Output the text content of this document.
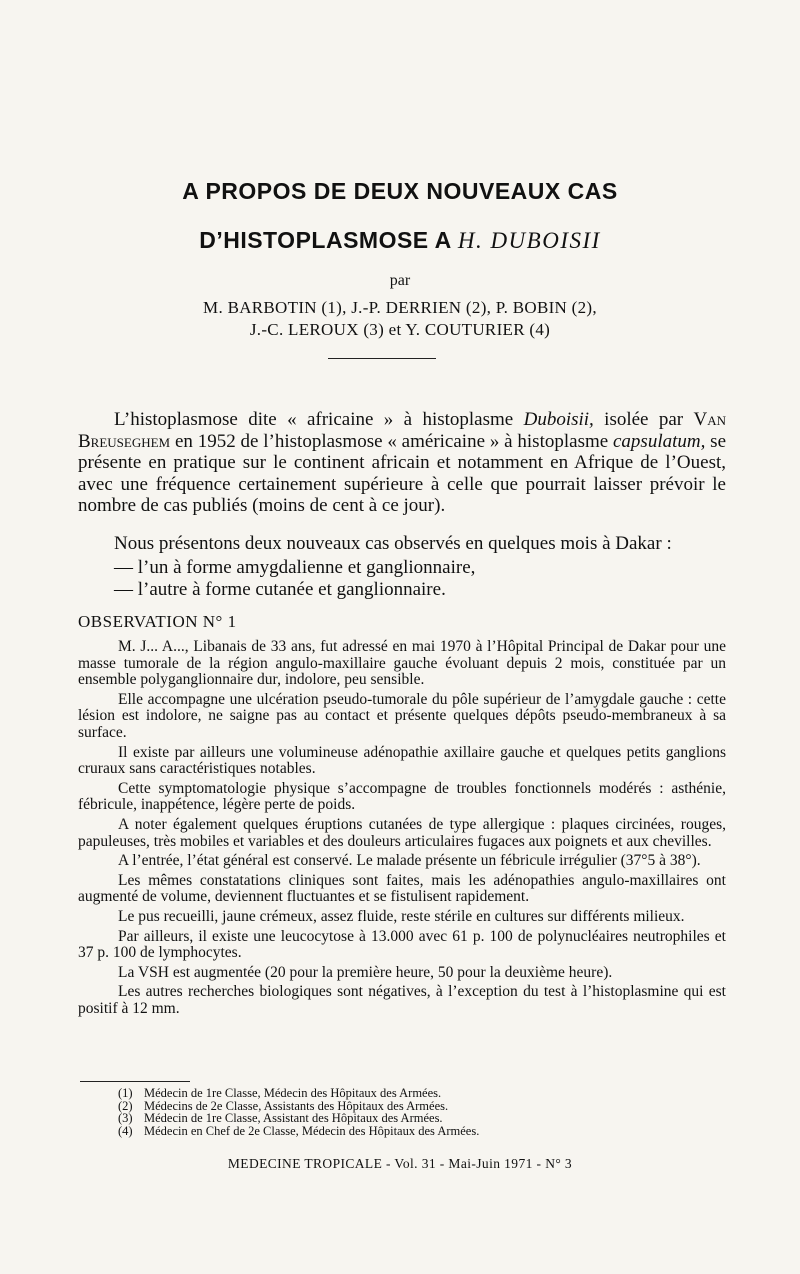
A PROPOS DE DEUX NOUVEAUX CAS
D’HISTOPLASMOSE A H. DUBOISII
par
M. BARBOTIN (1), J.-P. DERRIEN (2), P. BOBIN (2),
J.-C. LEROUX (3) et Y. COUTURIER (4)

L’histoplasmose dite « africaine » à histoplasme Duboisii, isolée par Van Breuseghem en 1952 de l’histoplasmose « américaine » à histoplasme capsulatum, se présente en pratique sur le continent africain et notamment en Afrique de l’Ouest, avec une fréquence certainement supérieure à celle que pourrait laisser prévoir le nombre de cas publiés (moins de cent à ce jour).

Nous présentons deux nouveaux cas observés en quelques mois à Dakar :

— l’un à forme amygdalienne et ganglionnaire,

— l’autre à forme cutanée et ganglionnaire.

OBSERVATION N° 1

M. J... A..., Libanais de 33 ans, fut adressé en mai 1970 à l’Hôpital Principal de Dakar pour une masse tumorale de la région angulo-maxillaire gauche évoluant depuis 2 mois, constituée par un ensemble polyganglionnaire dur, indolore, peu sensible.

Elle accompagne une ulcération pseudo-tumorale du pôle supérieur de l’amygdale gauche : cette lésion est indolore, ne saigne pas au contact et présente quelques dépôts pseudo-membraneux à sa surface.

Il existe par ailleurs une volumineuse adénopathie axillaire gauche et quelques petits ganglions cruraux sans caractéristiques notables.

Cette symptomatologie physique s’accompagne de troubles fonctionnels modérés : asthénie, fébricule, inappétence, légère perte de poids.

A noter également quelques éruptions cutanées de type allergique : plaques circinées, rouges, papuleuses, très mobiles et variables et des douleurs articulaires fugaces aux poignets et aux chevilles.

A l’entrée, l’état général est conservé. Le malade présente un fébricule irrégulier (37°5 à 38°).

Les mêmes constatations cliniques sont faites, mais les adénopathies angulo-maxillaires ont augmenté de volume, deviennent fluctuantes et se fistulisent rapidement.

Le pus recueilli, jaune crémeux, assez fluide, reste stérile en cultures sur différents milieux.

Par ailleurs, il existe une leucocytose à 13.000 avec 61 p. 100 de polynucléaires neutrophiles et 37 p. 100 de lymphocytes.

La VSH est augmentée (20 pour la première heure, 50 pour la deuxième heure).

Les autres recherches biologiques sont négatives, à l’exception du test à l’histoplasmine qui est positif à 12 mm.

(1) Médecin de 1re Classe, Médecin des Hôpitaux des Armées.
(2) Médecins de 2e Classe, Assistants des Hôpitaux des Armées.
(3) Médecin de 1re Classe, Assistant des Hôpitaux des Armées.
(4) Médecin en Chef de 2e Classe, Médecin des Hôpitaux des Armées.
MEDECINE TROPICALE - Vol. 31 - Mai-Juin 1971 - N° 3
